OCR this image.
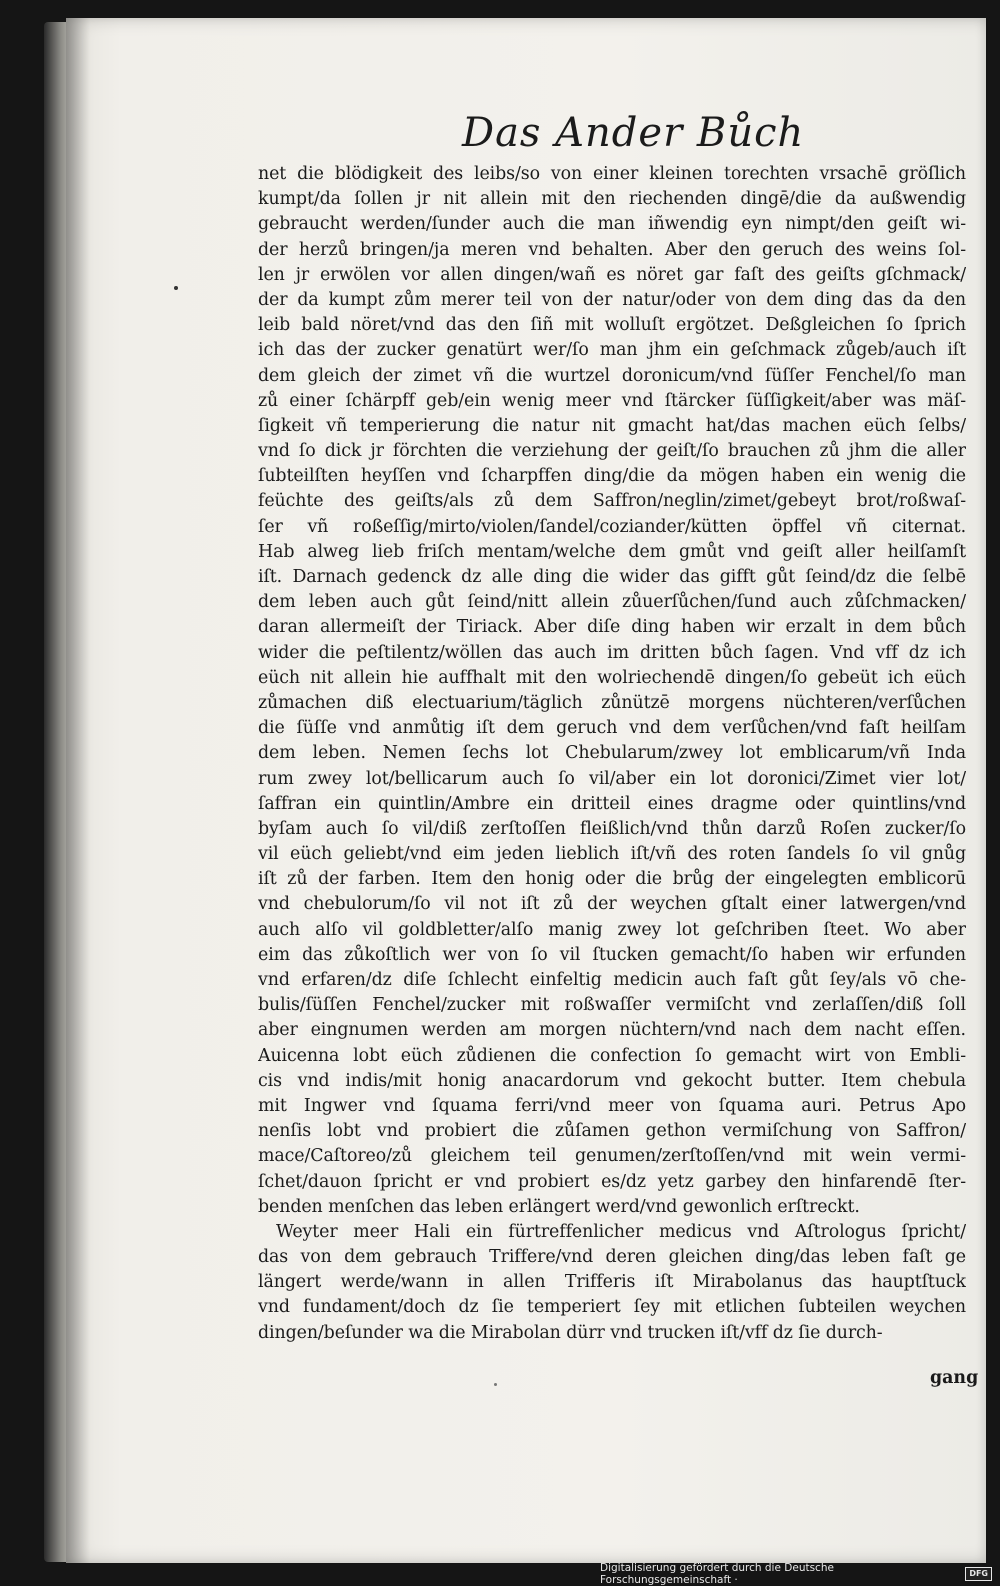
Das Ander Bůch
net die blödigkeit des leibs/so von einer kleinen torechten vrsachē gröſlich
kumpt/da ſollen jr nit allein mit den riechenden dingē/die da außwendig
gebraucht werden/ſunder auch die man iñwendig eyn nimpt/den geiſt wi-
der herzů bringen/ja meren vnd behalten. Aber den geruch des weins ſol-
len jr erwölen vor allen dingen/wañ es nöret gar faſt des geiſts gſchmack/
der da kumpt zům merer teil von der natur/oder von dem ding das da den
leib bald nöret/vnd das den ſiñ mit wolluſt ergötzet. Deßgleichen ſo ſprich
ich das der zucker genatürt wer/ſo man jhm ein geſchmack zůgeb/auch iſt
dem gleich der zimet vñ die wurtzel doronicum/vnd ſüſſer Fenchel/ſo man
zů einer ſchärpff geb/ein wenig meer vnd ſtärcker ſüſſigkeit/aber was mäſ-
ſigkeit vñ temperierung die natur nit gmacht hat/das machen eüch ſelbs/
vnd ſo dick jr förchten die verziehung der geiſt/ſo brauchen zů jhm die aller
ſubteilſten heyſſen vnd ſcharpffen ding/die da mögen haben ein wenig die
feüchte des geiſts/als zů dem Saffron/neglin/zimet/gebeyt brot/roßwaſ-
ſer vñ roßeſſig/mirto/violen/ſandel/coziander/kütten öpffel vñ citernat.
Hab alweg lieb friſch mentam/welche dem gmůt vnd geiſt aller heilſamſt
iſt. Darnach gedenck dz alle ding die wider das gifft gůt ſeind/dz die ſelbē
dem leben auch gůt ſeind/nitt allein zůuerſůchen/ſund auch zůſchmacken/
daran allermeiſt der Tiriack. Aber diſe ding haben wir erzalt in dem bůch
wider die peſtilentz/wöllen das auch im dritten bůch ſagen. Vnd vff dz ich
eüch nit allein hie auffhalt mit den wolriechendē dingen/ſo gebeüt ich eüch
zůmachen diß electuarium/täglich zůnützē morgens nüchteren/verſůchen
die ſüſſe vnd anmůtig iſt dem geruch vnd dem verſůchen/vnd faſt heilſam
dem leben. Nemen ſechs lot Chebularum/zwey lot emblicarum/vñ Inda
rum zwey lot/bellicarum auch ſo vil/aber ein lot doronici/Zimet vier lot/
ſaffran ein quintlin/Ambre ein dritteil eines dragme oder quintlins/vnd
byſam auch ſo vil/diß zerſtoſſen fleißlich/vnd thůn darzů Roſen zucker/ſo
vil eüch geliebt/vnd eim jeden lieblich iſt/vñ des roten ſandels ſo vil gnůg
iſt zů der farben. Item den honig oder die brůg der eingelegten emblicorū
vnd chebulorum/ſo vil not iſt zů der weychen gſtalt einer latwergen/vnd
auch alſo vil goldbletter/alſo manig zwey lot geſchriben ſteet. Wo aber
eim das zůkoſtlich wer von ſo vil ſtucken gemacht/ſo haben wir erfunden
vnd erfaren/dz diſe ſchlecht einfeltig medicin auch faſt gůt ſey/als vō che-
bulis/ſüſſen Fenchel/zucker mit roßwaſſer vermiſcht vnd zerlaſſen/diß ſoll
aber eingnumen werden am morgen nüchtern/vnd nach dem nacht eſſen.
Auicenna lobt eüch zůdienen die confection ſo gemacht wirt von Embli-
cis vnd indis/mit honig anacardorum vnd gekocht butter. Item chebula
mit Ingwer vnd ſquama ferri/vnd meer von ſquama auri. Petrus Apo
nenſis lobt vnd probiert die zůſamen gethon vermiſchung von Saffron/
mace/Caſtoreo/zů gleichem teil genumen/zerſtoſſen/vnd mit wein vermi-
ſchet/dauon ſpricht er vnd probiert es/dz yetz garbey den hinfarendē ſter-
benden menſchen das leben erlängert werd/vnd gewonlich erſtreckt.
Weyter meer Hali ein fürtreffenlicher medicus vnd Aſtrologus ſpricht/
das von dem gebrauch Triffere/vnd deren gleichen ding/das leben faſt ge
längert werde/wann in allen Trifferis iſt Mirabolanus das hauptſtuck
vnd fundament/doch dz ſie temperiert ſey mit etlichen ſubteilen weychen
dingen/beſunder wa die Mirabolan dürr vnd trucken iſt/vff dz ſie durch-
gang
Digitalisierung gefördert durch die Deutsche Forschungsgemeinschaft ·
DFG
